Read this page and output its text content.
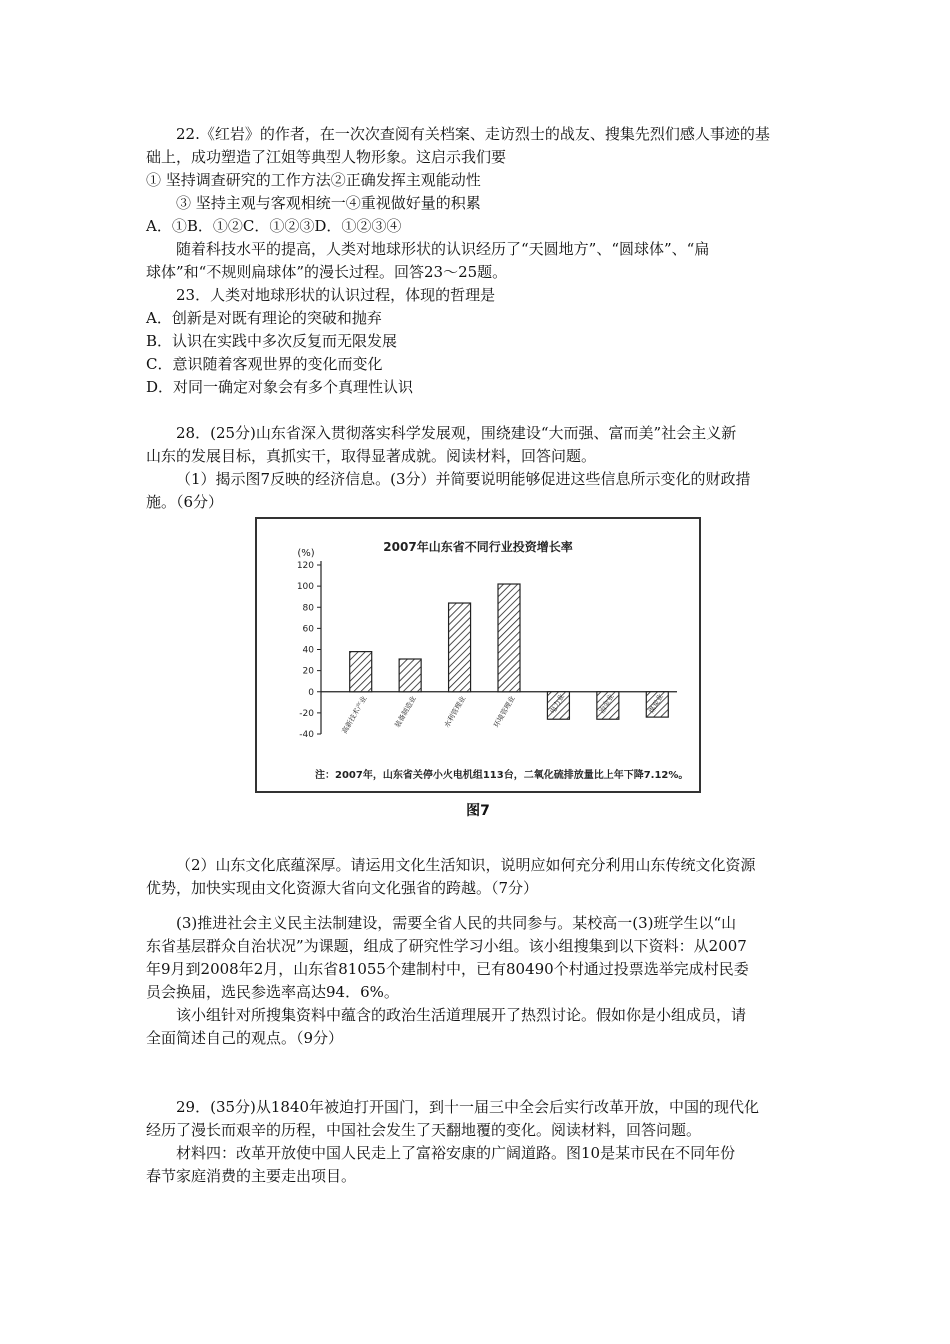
22.《红岩》的作者，在一次次查阅有关档案、走访烈士的战友、搜集先烈们感人事迹的基

础上，成功塑造了江姐等典型人物形象。这启示我们要

① 坚持调查研究的工作方法②正确发挥主观能动性

③ 坚持主观与客观相统一④重视做好量的积累

A．①B．①②C．①②③D．①②③④

随着科技水平的提高，人类对地球形状的认识经历了“天圆地方”、“圆球体”、“扁

球体”和“不规则扁球体”的漫长过程。回答23～25题。

23．人类对地球形状的认识过程，体现的哲理是

A．创新是对既有理论的突破和抛弃

B．认识在实践中多次反复而无限发展

C．意识随着客观世界的变化而变化

D．对同一确定对象会有多个真理性认识

28．(25分)山东省深入贯彻落实科学发展观，围绕建设“大而强、富而美”社会主义新

山东的发展目标，真抓实干，取得显著成就。阅读材料，回答问题。

（1）揭示图7反映的经济信息。(3分）并简要说明能够促进这些信息所示变化的财政措

施。（6分）

2007年山东省不同行业投资增长率
(%)
-40
-20
0
20
40
60
80
100
120
高新技术产业	装备制造业	水利管理业	环境管理业	电力业	冶金业	煤炭业
注：2007年，山东省关停小火电机组113台，二氧化硫排放量比上年下降7.12%。
图7

（2）山东文化底蕴深厚。请运用文化生活知识，说明应如何充分利用山东传统文化资源

优势，加快实现由文化资源大省向文化强省的跨越。（7分）

(3)推进社会主义民主法制建设，需要全省人民的共同参与。某校高一(3)班学生以“山

东省基层群众自治状况”为课题，组成了研究性学习小组。该小组搜集到以下资料：从2007

年9月到2008年2月，山东省81055个建制村中，已有80490个村通过投票选举完成村民委

员会换届，选民参选率高达94．6%。

该小组针对所搜集资料中蕴含的政治生活道理展开了热烈讨论。假如你是小组成员，请

全面简述自己的观点。（9分）

29．(35分)从1840年被迫打开国门，到十一届三中全会后实行改革开放，中国的现代化

经历了漫长而艰辛的历程，中国社会发生了天翻地覆的变化。阅读材料，回答问题。

材料四：改革开放使中国人民走上了富裕安康的广阔道路。图10是某市民在不同年份

春节家庭消费的主要走出项目。
